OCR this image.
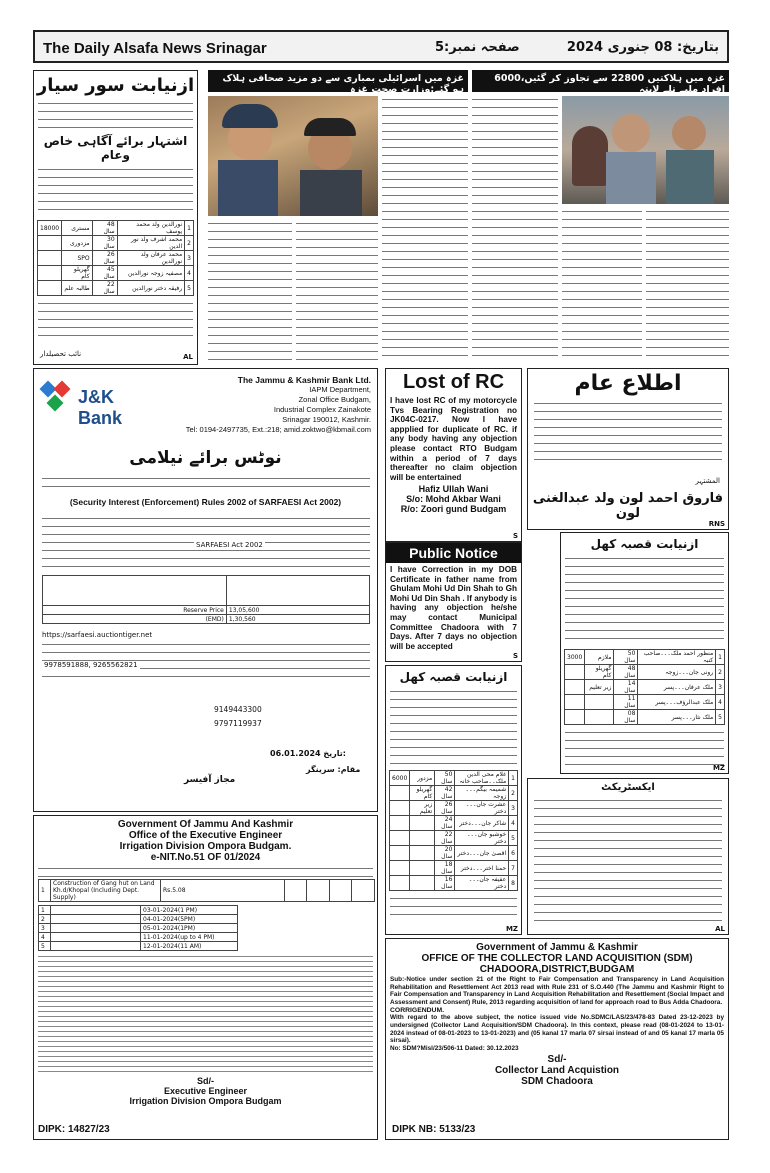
The Daily Alsafa News Srinagar	صفحہ نمبر:5	بتاریخ: 08 جنوری 2024
ازنیابت سور سیار
اشتہار برائے آگاہی خاص وعام
1	نورالدین ولد محمد یوسف	48 سال	مستری	18000
2	محمد اشرف ولد نور الدین	30 سال	مزدوری	
3	محمد عرفان ولد نورالدین	26 سال	SPO	
4	مصفیہ زوجہ نورالدین	45 سال	گھریلو کام	
5	رفیقہ دختر نورالدین	22 سال	طالبہ علم	
نائب تحصیلدار	AL
غزہ میں اسرائیلی بمباری سے دو مزید صحافی ہلاک ہو گئے:وزارت صحت غزہ
غزہ میں ہلاکتیں 22800 سے تجاوز کر گئیں،6000 افراد ملبے تلے لاپتہ
J&K Bank
The Jammu & Kashmir Bank Ltd.
IAPM Department,
Zonal Office Budgam,
Industrial Complex Zainakote
Srinagar 190012, Kashmir.
Tel: 0194-2497735, Ext.:218; amid.zoktwo@kbmail.com
نوٹس برائے نیلامی
(Security Interest (Enforcement) Rules 2002 of SARFAESI Act 2002)
SARFAESI Act 2002

Reserve Price	13,05,600
(EMD)	1,30,560
https://sarfaesi.auctiontiger.net
9978591888, 9265562821
9149443300
9797119937
06.01.2024 تاریخ:
مقام: سرینگر
مجاز آفیسر
Lost of RC
I have lost RC of my motorcycle Tvs Bearing Registration no JK04C-0217. Now I have appplied for duplicate of RC. if any body having any objection please contact RTO Budgam within a period of 7 days thereafter no claim objection will be entertained
Hafiz Ullah Wani
S/o: Mohd Akbar Wani
R/o: Zoori gund Budgam
S
Public Notice
I have Correction in my DOB Certificate in father name from Ghulam Mohi Ud Din Shah to Gh Mohi Ud Din Shah . If anybody is having any objection he/she may contact Municipal Committee Chadoora with 7 Days. After 7 days no objection will be accepted
S
اطلاع عام
المشتہر
فاروق احمد لون ولد عبدالغنی لون
RNS
ازنیابت قصبہ کھل
1	منظور احمد ملک۔۔۔صاحب کنبہ	50 سال	ملازم	3000
2	رونی جان۔۔۔زوجہ	48 سال	گھریلو کام	
3	ملک عرفان۔۔۔پسر	14 سال	زیر تعلیم	
4	ملک عبدالرؤف۔۔۔پسر	11 سال		
5	ملک نثار۔۔۔پسر	08 سال		
MZ
ازنیابت قصبہ کھل
1	غلام محی الدین ملک۔۔صاحب خانہ	50 سال	مزدور	6000
2	شمیمہ بیگم۔۔۔زوجہ	42 سال	گھریلو کام	
3	عشرت جان۔۔۔دختر	26 سال	زیر تعلیم	
4	شاکر جان۔۔۔دختر	24 سال		
5	خوشبو جان۔۔۔دختر	22 سال		
6	اقصیٰ جان۔۔۔دختر	20 سال		
7	حمنا اختر۔۔۔دختر	18 سال		
8	عفیفہ جان۔۔۔دختر	16 سال		
MZ
ایکسٹریکٹ
AL
Government Of Jammu And Kashmir
Office of the Executive Engineer
Irrigation Division Ompora Budgam.
e-NIT.No.51 OF 01/2024
1	Construction of Gang hut on Land Kh.d/Khopal (Including Dept. Supply)	Rs.5.08				
1		03-01-2024(1 PM)
2		04-01-2024(5PM)
3		05-01-2024(1PM)
4		11-01-2024(up to 4 PM)
5		12-01-2024(11 AM)
Sd/-
Executive Engineer
Irrigation Division Ompora Budgam
DIPK: 14827/23
Government of Jammu & Kashmir
OFFICE OF THE COLLECTOR LAND ACQUISITION (SDM)
CHADOORA,DISTRICT,BUDGAM
Sub:-Notice under section 21 of the Right to Fair Compensation and Transparency in Land Acquisition Rehabilitation and Resettlement Act 2013 read with Rule 231 of S.O.440 (The Jammu and Kashmir Right to Fair Compensation and Transparency in Land Acquisition Rehabilitation and Resettlement (Social Impact and Assessment and Consent) Rule, 2013 regarding acquisition of land for approach road to Bus Adda Chadoora.
CORRIGENDUM.
With regard to the above subject, the notice issued vide No.SDMC/LAS/23/478-83 Dated 23-12-2023 by undersigned (Collector Land Acquisition/SDM Chadoora). In this context, please read (08-01-2024 to 13-01-2024 instead of 08-01-2023 to 13-01-2023) and (05 kanal 17 marla 07 sirsai instead of and 05 kanal 17 marla 05 sirsai).
No: SDM?Misl/23/506-11 Dated: 30.12.2023
Sd/-
Collector Land Acquistion
SDM Chadoora
DIPK NB: 5133/23
